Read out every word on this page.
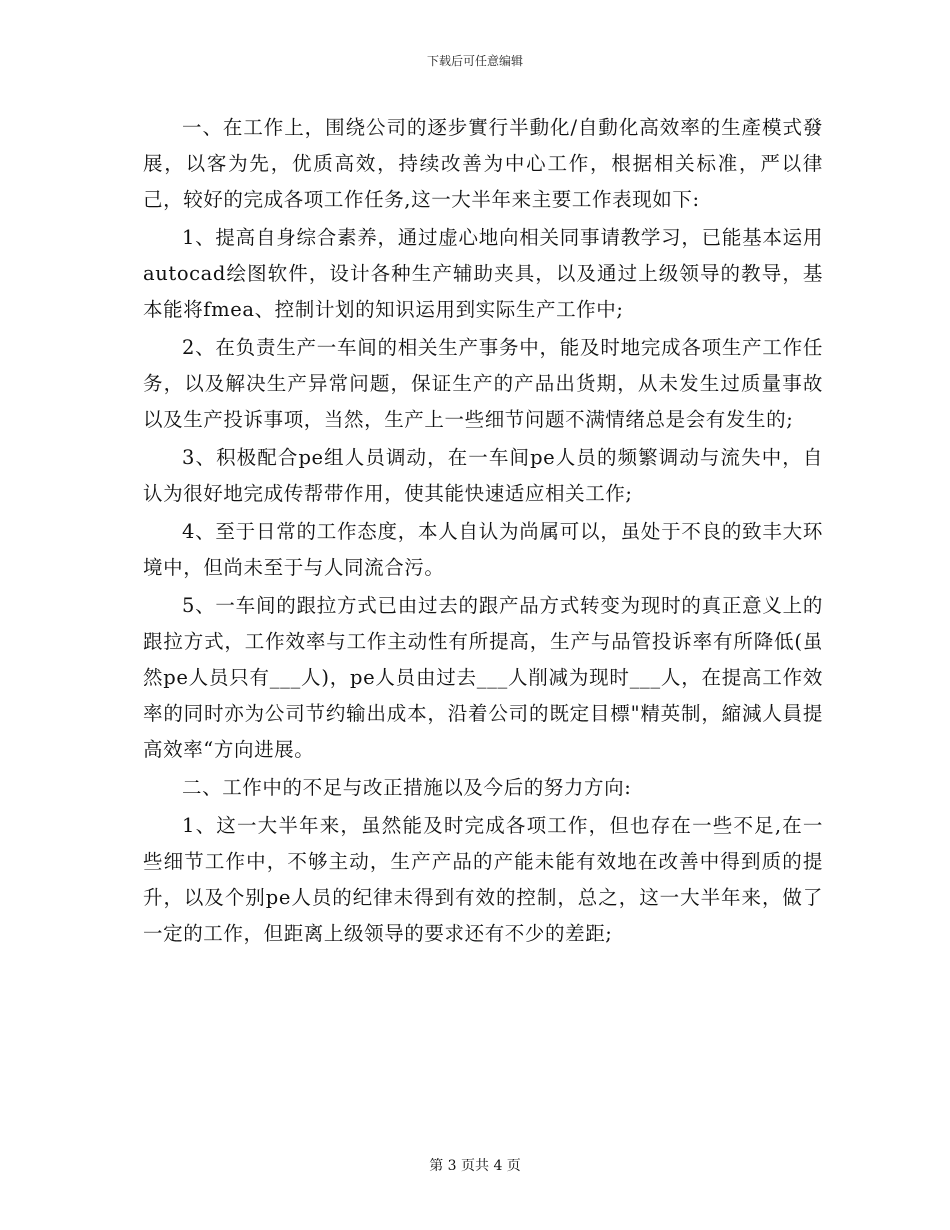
下载后可任意编辑

一、在工作上，围绕公司的逐步實行半動化/自動化高效率的生產模式發展，以客为先，优质高效，持续改善为中心工作，根据相关标准，严以律己，较好的完成各项工作任务,这一大半年来主要工作表现如下:

1、提高自身综合素养，通过虚心地向相关同事请教学习，已能基本运用autocad绘图软件，设计各种生产辅助夹具，以及通过上级领导的教导，基本能将fmea、控制计划的知识运用到实际生产工作中;

2、在负责生产一车间的相关生产事务中，能及时地完成各项生产工作任务，以及解决生产异常问题，保证生产的产品出货期，从未发生过质量事故以及生产投诉事项，当然，生产上一些细节问题不满情绪总是会有发生的;

3、积极配合pe组人员调动，在一车间pe人员的频繁调动与流失中，自认为很好地完成传帮带作用，使其能快速适应相关工作;

4、至于日常的工作态度，本人自认为尚属可以，虽处于不良的致丰大环境中，但尚未至于与人同流合污。

5、一车间的跟拉方式已由过去的跟产品方式转变为现时的真正意义上的跟拉方式，工作效率与工作主动性有所提高，生产与品管投诉率有所降低(虽然pe人员只有___人)，pe人员由过去___人削减为现时___人，在提高工作效率的同时亦为公司节约输出成本，沿着公司的既定目標"精英制，縮減人員提高效率“方向进展。

二、工作中的不足与改正措施以及今后的努力方向:

1、这一大半年来，虽然能及时完成各项工作，但也存在一些不足,在一些细节工作中，不够主动，生产产品的产能未能有效地在改善中得到质的提升，以及个别pe人员的纪律未得到有效的控制，总之，这一大半年来，做了一定的工作，但距离上级领导的要求还有不少的差距;

第 3 页共 4 页
